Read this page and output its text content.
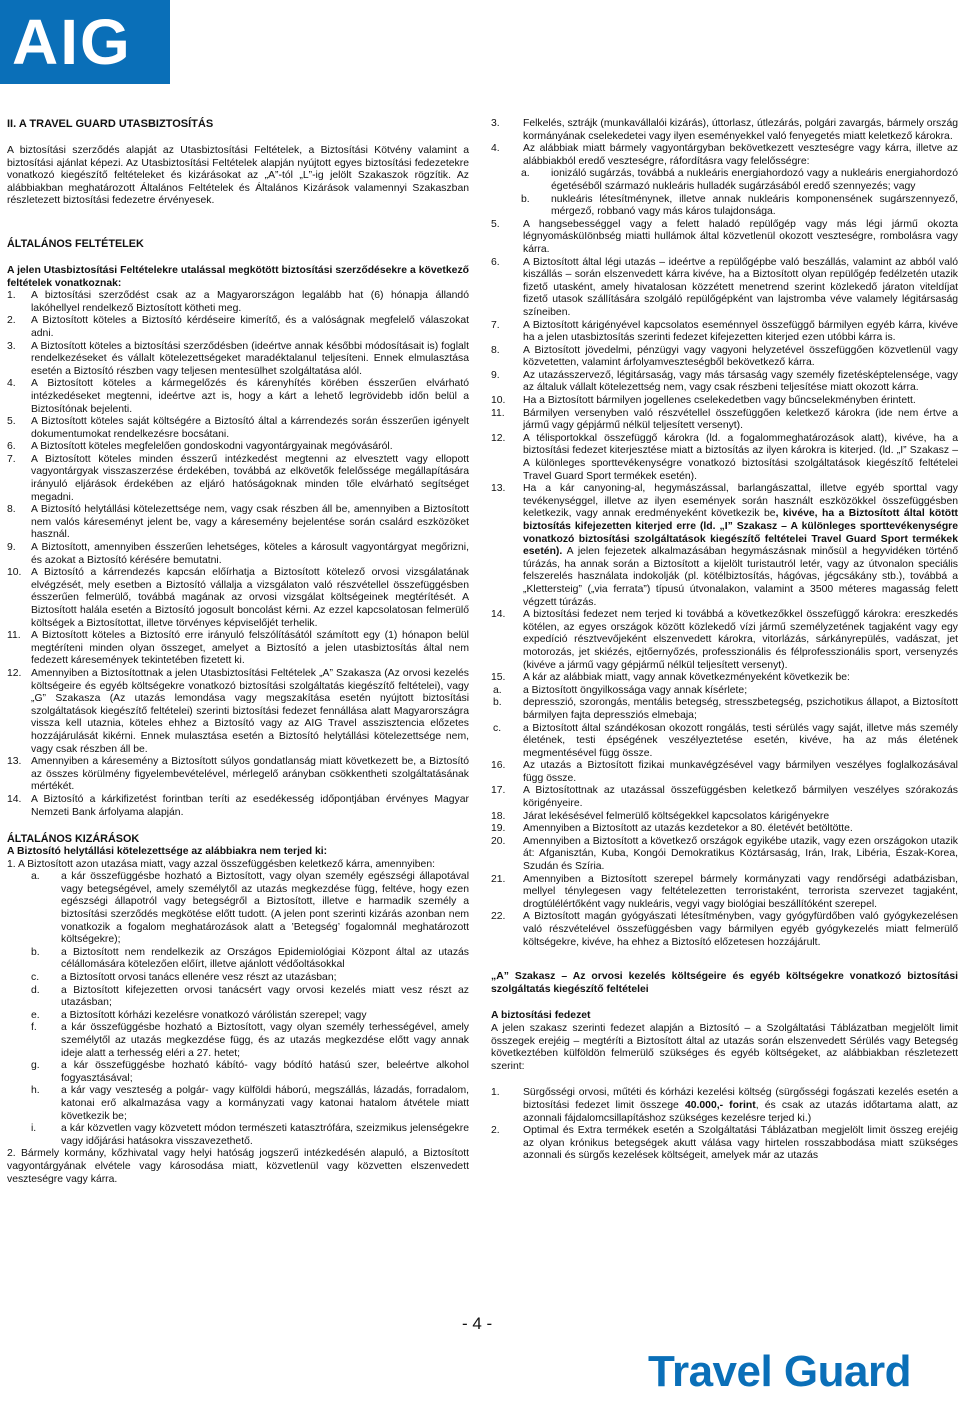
AIG
II. A TRAVEL GUARD UTASBIZTOSÍTÁS

A biztosítási szerződés alapját az Utasbiztosítási Feltételek, a Biztosítási Kötvény valamint a biztosítási ajánlat képezi. Az Utasbiztosítási Feltételek alapján nyújtott egyes biztosítási fedezetekre vonatkozó kiegészítő feltételeket és kizárásokat az „A”-tól „L”-ig jelölt Szakaszok rögzítik. Az alábbiakban meghatározott Általános Feltételek és Általános Kizárások valamennyi Szakaszban részletezett biztosítási fedezetre érvényesek.

ÁLTALÁNOS FELTÉTELEK

A jelen Utasbiztosítási Feltételekre utalással megkötött biztosítási szerződésekre a következő feltételek vonatkoznak:

1.	A biztosítási szerződést csak az a Magyarországon legalább hat (6) hónapja állandó lakóhellyel rendelkező Biztosított kötheti meg.
2.	A Biztosított köteles a Biztosító kérdéseire kimerítő, és a valóságnak megfelelő válaszokat adni.
3.	A Biztosított köteles a biztosítási szerződésben (ideértve annak későbbi módosításait is) foglalt rendelkezéseket és vállalt kötelezettségeket maradéktalanul teljesíteni. Ennek elmulasztása esetén a Biztosító részben vagy teljesen mentesülhet szolgáltatása alól.
4.	A Biztosított köteles a kármegelőzés és kárenyhítés körében ésszerűen elvárható intézkedéseket megtenni, ideértve azt is, hogy a kárt a lehető legrövidebb időn belül a Biztosítónak bejelenti.
5.	A Biztosított köteles saját költségére a Biztosító által a kárrendezés során ésszerűen igényelt dokumentumokat rendelkezésre bocsátani.
6.	A Biztosított köteles megfelelően gondoskodni vagyontárgyainak megóvásáról.
7.	A Biztosított köteles minden ésszerű intézkedést megtenni az elvesztett vagy ellopott vagyontárgyak visszaszerzése érdekében, továbbá az elkövetők felelőssége megállapítására irányuló eljárások érdekében az eljáró hatóságoknak minden tőle elvárható segítséget megadni.
8.	A Biztosító helytállási kötelezettsége nem, vagy csak részben áll be, amennyiben a Biztosított nem valós káreseményt jelent be, vagy a káresemény bejelentése során csalárd eszközöket használ.
9.	A Biztosított, amennyiben ésszerűen lehetséges, köteles a károsult vagyontárgyat megőrizni, és azokat a Biztosító kérésére bemutatni.
10. A Biztosító a kárrendezés kapcsán előírhatja a Biztosított kötelező orvosi vizsgálatának elvégzését, mely esetben a Biztosító vállalja a vizsgálaton való részvétellel összefüggésben ésszerűen felmerülő, továbbá magának az orvosi vizsgálat költségeinek megtérítését. A Biztosított halála esetén a Biztosító jogosult boncolást kérni. Az ezzel kapcsolatosan felmerülő költségek a Biztosítottat, illetve törvényes képviselőjét terhelik.
11. A Biztosított köteles a Biztosító erre irányuló felszólításától számított egy (1) hónapon belül megtéríteni minden olyan összeget, amelyet a Biztosító a jelen utasbiztosítás által nem fedezett káresemények tekintetében fizetett ki.
12. Amennyiben a Biztosítottnak a jelen Utasbiztosítási Feltételek „A” Szakasza (Az orvosi kezelés költségeire és egyéb költségekre vonatkozó biztosítási szolgáltatás kiegészítő feltételei), vagy „G” Szakasza (Az utazás lemondása vagy megszakítása esetén nyújtott biztosítási szolgáltatások kiegészítő feltételei) szerinti biztosítási fedezet fennállása alatt Magyarországra vissza kell utaznia, köteles ehhez a Biztosító vagy az AIG Travel asszisztencia előzetes hozzájárulását kikérni. Ennek mulasztása esetén a Biztosító helytállási kötelezettsége nem, vagy csak részben áll be.
13. Amennyiben a káresemény a Biztosított súlyos gondatlanság miatt következett be, a Biztosító az összes körülmény figyelembevételével, mérlegelő arányban csökkentheti szolgáltatásának mértékét.
14. A Biztosító a kárkifizetést forintban teríti az esedékesség időpontjában érvényes Magyar Nemzeti Bank árfolyama alapján.
ÁLTALÁNOS KIZÁRÁSOK

A Biztosító helytállási kötelezettsége az alábbiakra nem terjed ki:

1. A Biztosított azon utazása miatt, vagy azzal összefüggésben keletkező kárra, amennyiben:

a.	a kár összefüggésbe hozható a Biztosított, vagy olyan személy egészségi állapotával vagy betegségével, amely személytől az utazás megkezdése függ, feltéve, hogy ezen egészségi állapotról vagy betegségről a Biztosított, illetve e harmadik személy a biztosítási szerződés megkötése előtt tudott. (A jelen pont szerinti kizárás azonban nem vonatkozik a fogalom meghatározások alatt a ’Betegség’ fogalomnál meghatározott költségekre);
b.	a Biztosított nem rendelkezik az Országos Epidemiológiai Központ által az utazás célállomására kötelezően előírt, illetve ajánlott védőoltásokkal
c.	a Biztosított orvosi tanács ellenére vesz részt az utazásban;
d.	a Biztosított kifejezetten orvosi tanácsért vagy orvosi kezelés miatt vesz részt az utazásban;
e.	a Biztosított kórházi kezelésre vonatkozó várólistán szerepel; vagy
f.	a kár összefüggésbe hozható a Biztosított, vagy olyan személy terhességével, amely személytől az utazás megkezdése függ, és az utazás megkezdése előtt vagy annak ideje alatt a terhesség eléri a 27. hetet;
g.	a kár összefüggésbe hozható kábító- vagy bódító hatású szer, beleértve alkohol fogyasztásával;
h.	a kár vagy veszteség a polgár- vagy külföldi háború, megszállás, lázadás, forradalom, katonai erő alkalmazása vagy a kormányzati vagy katonai hatalom átvétele miatt következik be;
i.	a kár közvetlen vagy közvetett módon természeti katasztrófára, szeizmikus jelenségekre vagy időjárási hatásokra visszavezethető.

2. Bármely kormány, kőzhivatal vagy helyi hatóság jogszerű intézkedésén alapuló, a Biztosított vagyontárgyának elvétele vagy károsodása miatt, közvetlenül vagy közvetten elszenvedett veszteségre vagy kárra.

3.	Felkelés, sztrájk (munkavállalói kizárás), úttorlasz, útlezárás, polgári zavargás, bármely ország kormányának cselekedetei vagy ilyen eseményekkel való fenyegetés miatt keletkező károkra.
4.	Az alábbiak miatt bármely vagyontárgyban bekövetkezett veszteségre vagy kárra, illetve az alábbiakból eredő veszteségre, ráfordításra vagy felelősségre:
a.	ionizáló sugárzás, továbbá a nukleáris energiahordozó vagy a nukleáris energiahordozó égetéséből származó nukleáris hulladék sugárzásából eredő szennyezés; vagy
b.	nukleáris létesítménynek, illetve annak nukleáris komponensének sugárszennyező, mérgező, robbanó vagy más káros tulajdonsága.
5.	A hangsebességgel vagy a felett haladó repülőgép vagy más légi jármű okozta légnyomásküIönbség miatti hullámok által közvetlenül okozott veszteségre, rombolásra vagy kárra.
6.	A Biztosított által légi utazás – ideértve a repülőgépbe való beszállás, valamint az abból való kiszállás – során elszenvedett kárra kivéve, ha a Biztosított olyan repülőgép fedélzetén utazik fizető utasként, amely hivatalosan közzétett menetrend szerint közlekedő járaton viteldíjat fizető utasok szállítására szolgáló repülőgépként van lajstromba véve valamely légitársaság színeiben.
7.	A Biztosított kárigényével kapcsolatos eseménnyel összefüggő bármilyen egyéb kárra, kivéve ha a jelen utasbiztosítás szerinti fedezet kifejezetten kiterjed ezen utóbbi kárra is.
8.	A Biztosított jövedelmi, pénzügyi vagy vagyoni helyzetével összefüggően közvetlenül vagy közvetetten, valamint árfolyamveszteségből bekövetkező kárra.
9.	Az utazásszervező, légitársaság, vagy más társaság vagy személy fizetésképtelensége, vagy az általuk vállalt kötelezettség nem, vagy csak részbeni teljesítése miatt okozott kárra.
10.	Ha a Biztosított bármilyen jogellenes cselekedetben vagy bűncselekményben érintett.
11.	Bármilyen versenyben való részvétellel összefüggően keletkező károkra (ide nem értve a jármű vagy gépjármű nélkül teljesített versenyt).
12.	A télisportokkal összefüggő károkra (ld. a fogalommeghatározások alatt), kivéve, ha a biztosítási fedezet kiterjesztése miatt a biztosítás az ilyen károkra is kiterjed. (ld. „I” Szakasz – A különleges sporttevékenységre vonatkozó biztosítási szolgáltatások kiegészítő feltételei Travel Guard Sport termékek esetén).
13.	Ha a kár canyoning-al, hegymászással, barlangászattal, illetve egyéb sporttal vagy tevékenységgel, illetve az ilyen események során használt eszközökkel összefüggésben keletkezik, vagy annak eredményeként következik be, kivéve, ha a Biztosított által kötött biztosítás kifejezetten kiterjed erre (ld. „I” Szakasz – A különleges sporttevékenységre vonatkozó biztosítási szolgáltatások kiegészítő feltételei Travel Guard Sport termékek esetén). A jelen fejezetek alkalmazásában hegymászásnak minősül a hegyvidéken történő túrázás, ha annak során a Biztosított a kijelölt turistautról letér, vagy az útvonalon speciális felszerelés használata indokolják (pl. kötélbiztosítás, hágóvas, jégcsákány stb.), továbbá a „Klettersteig” („via ferrata”) típusú útvonalakon, valamint a 3500 méteres magasság felett végzett túrázás.
14.	A biztosítási fedezet nem terjed ki továbbá a következőkkel összefüggő károkra: ereszkedés kötélen, az egyes országok között közlekedő vízi jármű személyzetének tagjaként vagy egy expedíció résztvevőjeként elszenvedett károkra, vitorlázás, sárkányrepülés, vadászat, jet motorozás, jet skiézés, ejtőernyőzés, professzionális és félprofesszionális sport, versenyzés (kivéve a jármű vagy gépjármű nélkül teljesített versenyt).
15.	A kár az alábbiak miatt, vagy annak következményeként következik be:
a.	a Biztosított öngyilkossága vagy annak kísérlete;
b.	depresszió, szorongás, mentális betegség, stresszbetegség, pszichotikus állapot, a Biztosított bármilyen fajta depressziós elmebaja;
c.	a Biztosított által szándékosan okozott rongálás, testi sérülés vagy saját, illetve más személy életének, testi épségének veszélyeztetése esetén, kivéve, ha az más életének megmentésével függ össze.
16.	Az utazás a Biztosított fizikai munkavégzésével vagy bármilyen veszélyes foglalkozásával függ össze.
17.	A Biztosítottnak az utazással összefüggésben keletkező bármilyen veszélyes szórakozás körigényeire.
18.	Járat lekésésével felmerülő költségekkel kapcsolatos kárigényekre
19.	Amennyiben a Biztosított az utazás kezdetekor a 80. életévét betöltötte.
20.	Amennyiben a Biztosított a következő országok egyikébe utazik, vagy ezen országokon utazik át: Afganisztán, Kuba, Kongói Demokratikus Köztársaság, Irán, Irak, Libéria, Észak-Korea, Szudán és Szíria.
21.	Amennyiben a Biztosított szerepel bármely kormányzati vagy rendőrségi adatbázisban, mellyel ténylegesen vagy feltételezetten terroristaként, terrorista szervezet tagjaként, drogtúlélértőként vagy nukleáris, vegyi vagy biológiai beszállítóként szerepel.
22.	A Biztosított magán gyógyászati létesítményben, vagy gyógyfürdőben való gyógykezelésen való részvételével összefüggésben vagy bármilyen egyéb gyógykezelés miatt felmerülő költségekre, kivéve, ha ehhez a Biztosító előzetesen hozzájárult.

„A” Szakasz – Az orvosi kezelés költségeire és egyéb költségekre vonatkozó biztosítási szolgáltatás kiegészítő feltételei

A biztosítási fedezet

A jelen szakasz szerinti fedezet alapján a Biztosító – a Szolgáltatási Táblázatban megjelölt limit összegek erejéig – megtéríti a Biztosított által az utazás során elszenvedett Sérülés vagy Betegség következtében külföldön felmerülő szükséges és egyéb költségeket, az alábbiakban részletezett szerint:

1.	Sürgősségi orvosi, műtéti és kórházi kezelési költség (sürgősségi fogászati kezelés esetén a biztosítási fedezet limit összege 40.000,- forint, és csak az utazás időtartama alatt, az azonnali fájdalomcsillapításhoz szükséges kezelésre terjed ki.)
2.	Optimal és Extra termékek esetén a Szolgáltatási Táblázatban megjelölt limit összeg erejéig az olyan krónikus betegségek akutt válása vagy hirtelen rosszabbodása miatt szükséges azonnali és sürgős kezelések költségeit, amelyek már az utazás
- 4 -
Travel Guard
